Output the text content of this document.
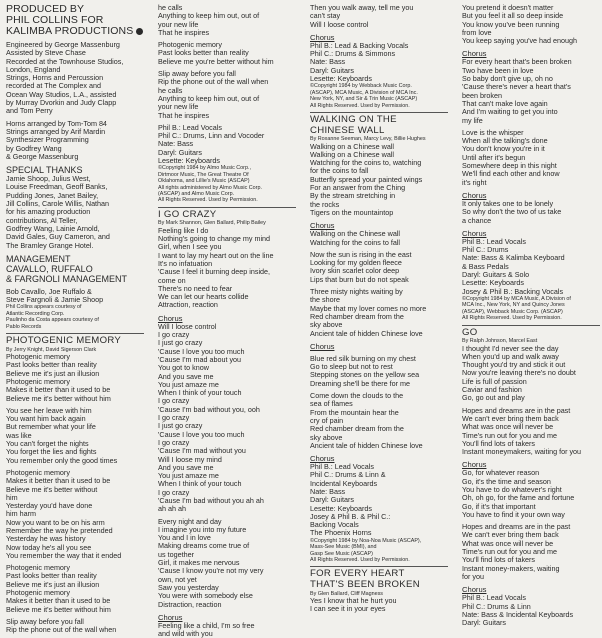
PRODUCED BY
PHIL COLLINS FOR
KALIMBA PRODUCTIONS
Engineered by George Massenburg
Assisted by Steve Chase
Recorded at the Townhouse Studios,
London, England
Strings, Horns and Percussion
recorded at The Complex and
Ocean Way Studios, L.A., assisted
by Murray Dvorkin and Judy Clapp
and Tom Perry
Horns arranged by Tom-Tom 84
Strings arranged by Arif Mardin
Synthesizer Programming
by Godfrey Wang
& George Massenburg
SPECIAL THANKS
Jamie Shoop, Julius West,
Louise Freedman, Geoff Banks,
Pudding Jones, Janet Bailey,
Jill Collins, Carole Willis, Nathan
for his amazing production
contributions, Al Teller,
Godfrey Wang, Lainie Arnold,
David Gales, Guy Cameron, and
The Bramley Grange Hotel.
MANAGEMENT
CAVALLO, RUFFALO
& FARGNOLI MANAGEMENT
Bob Cavallo, Joe Ruffalo &
Steve Fargnoli & Jamie Shoop
Phil Collins appears courtesy of
Atlantic Recording Corp.
Paulinho da Costa appears courtesy of
Pablo Records
PHOTOGENIC MEMORY
By Jerry Knight, David Sigerson Clark
Photogenic memory
Past looks better than reality
Believe me it's just an illusion
Photogenic memory
Makes it better than it used to be
Believe me it's better without him
You see her leave with him
You want him back again
But remember what your life
was like
You can't forget the nights
You forget the lies and fights
You remember only the good times
Photogenic memory
Makes it better than it used to be
Believe me it's better without
him
Yesterday you'd have done
him harm
Now you want to be on his arm
Remember the way he pretended
Yesterday he was history
Now today he's all you see
You remember the way that it ended
Photogenic memory
Past looks better than reality
Believe me it's just an illusion
Photogenic memory
Makes it better than it used to be
Believe me it's better without him
Slip away before you fall
Rip the phone out of the wall when
he calls
Anything to keep him out, out of
your new life
That he inspires
Photogenic memory
Past looks better than reality
Believe me you're better without him
Slip away before you fall
Rip the phone out of the wall when
he calls
Anything to keep him out, out of
your new life
That he inspires
Phil B.: Lead Vocals
Phil C.: Drums, Linn and Vocoder
Nate: Bass
Daryl: Guitars
Lesette: Keyboards
©Copyright 1984 by Almo Music Corp.,
Dirtmoor Music, The Great Theatre Of
Oklahoma, and Lillie's Music (ASCAP)
All rights administered by Almo Music Corp.
(ASCAP) and Almo Music Corp.
All Rights Reserved. Used by Permission.
I GO CRAZY
By Mark Shannon, Glen Ballard, Philip Bailey
Feeling like I do
Nothing's going to change my mind
Girl, when I see you
I want to lay my heart out on the line
It's no infatuation
'Cause I feel it burning deep inside,
come on
There's no need to fear
We can let our hearts collide
Attraction, reaction
Chorus
Will I loose control
I go crazy
I just go crazy
'Cause I love you too much
'Cause I'm mad about you
You got to know
And you save me
You just amaze me
When I think of your touch
I go crazy
'Cause I'm bad without you, ooh
I go crazy
I just go crazy
'Cause I love you too much
I go crazy
'Cause I'm mad without you
Will I loose my mind
And you save me
You just amaze me
When I think of your touch
I go crazy
'Cause I'm bad without you ah ah
ah ah ah
Every night and day
I imagine you into my future
You and I in love
Making dreams come true of
us together
Girl, it makes me nervous
'Cause I know you're not my very
own, not yet
Saw you yesterday
You were with somebody else
Distraction, reaction
Chorus
Feeling like a child, I'm so free
and wild with you
Then you walk away, tell me you
can't stay
Will I loose control
Chorus
Phil B.: Lead & Backing Vocals
Phil C.: Drums & Simmons
Nate: Bass
Daryl: Guitars
Lesette: Keyboards
©Copyright 1984 by Webback Music Corp.
(ASCAP), MCA Music, A Division of MCA Inc.
New York, NY, and Sir & Trin Music (ASCAP)
All Rights Reserved. Used by Permission.
WALKING ON THE
CHINESE WALL
By Roxanne Seeman, Marcy Levy, Billie Hughes
Walking on a Chinese wall
Walking on a Chinese wall
Watching for the coins to, watching
for the coins to fall
Butterfly spread your painted wings
For an answer from the Ching
By the stream stretching in
the rocks
Tigers on the mountaintop
Chorus
Walking on the Chinese wall
Watching for the coins to fall
Now the sun is rising in the east
Looking for my golden fleece
Ivory skin scarlet color deep
Lips that burn but do not speak
Three misty nights waiting by
the shore
Maybe that my lover comes no more
Red chamber dream from the
sky above
Ancient tale of hidden Chinese love
Chorus
Blue red silk burning on my chest
Go to sleep but not to rest
Stepping stones on the yellow sea
Dreaming she'll be there for me
Come down the clouds to the
sea of flames
From the mountain hear the
cry of pain
Red chamber dream from the
sky above
Ancient tale of hidden Chinese love
Chorus
Phil B.: Lead Vocals
Phil C.: Drums & Linn &
Incidental Keyboards
Nate: Bass
Daryl: Guitars
Lesette: Keyboards
Josey & Phil B. & Phil C.:
Backing Vocals
The Phoenix Horns
©Copyright 1984 by Noa-Noa Music (ASCAP),
Mass-See Music (BMI), and
Gasp See Music (ASCAP)
All Rights Reserved. Used by Permission.
FOR EVERY HEART
THAT'S BEEN BROKEN
By Glen Ballard, Cliff Magness
Yes I know that he hurt you
I can see it in your eyes
You pretend it doesn't matter
But you feel it all so deep inside
You know you've been running
from love
You keep saying you've had enough
Chorus
For every heart that's been broken
Two have been in love
So baby don't give up, oh no
'Cause there's never a heart that's
been broken
That can't make love again
And I'm waiting to get you into
my life
Love is the whisper
When all the talking's done
You don't know you're in it
Until after it's begun
Somewhere deep in this night
We'll find each other and know
it's right
Chorus
It only takes one to be lonely
So why don't the two of us take
a chance
Chorus
Phil B.: Lead Vocals
Phil C.: Drums
Nate: Bass & Kalimba Keyboard
& Bass Pedals
Daryl: Guitars & Solo
Lesette: Keyboards
Josey & Phil B.: Backing Vocals
©Copyright 1984 by MCA Music, A Division of
MCA Inc., New York, NY and Quincy Jones
(ASCAP), Webback Music Corp. (ASCAP)
All Rights Reserved. Used by Permission.
GO
By Ralph Johnson, Marcel East
I thought I'd never see the day
When you'd up and walk away
Thought you'd try and stick it out
Now you're leaving there's no doubt
Life is full of passion
Caviar and fashion
Go, go out and play
Hopes and dreams are in the past
We can't ever bring them back
What was once will never be
Time's run out for you and me
You'll find lots of takers
Instant moneymakers, waiting for you
Chorus
Go, for whatever reason
Go, it's the time and season
You have to do whatever's right
Oh, oh go, for the fame and fortune
Go, if it's that important
You have to find it your own way
Hopes and dreams are in the past
We can't ever bring them back
What was once will never be
Time's run out for you and me
You'll find lots of takers
Instant money-makers, waiting
for you
Chorus
Phil B.: Lead Vocals
Phil C.: Drums & Linn
Nate: Bass & Incidental Keyboards
Daryl: Guitars
